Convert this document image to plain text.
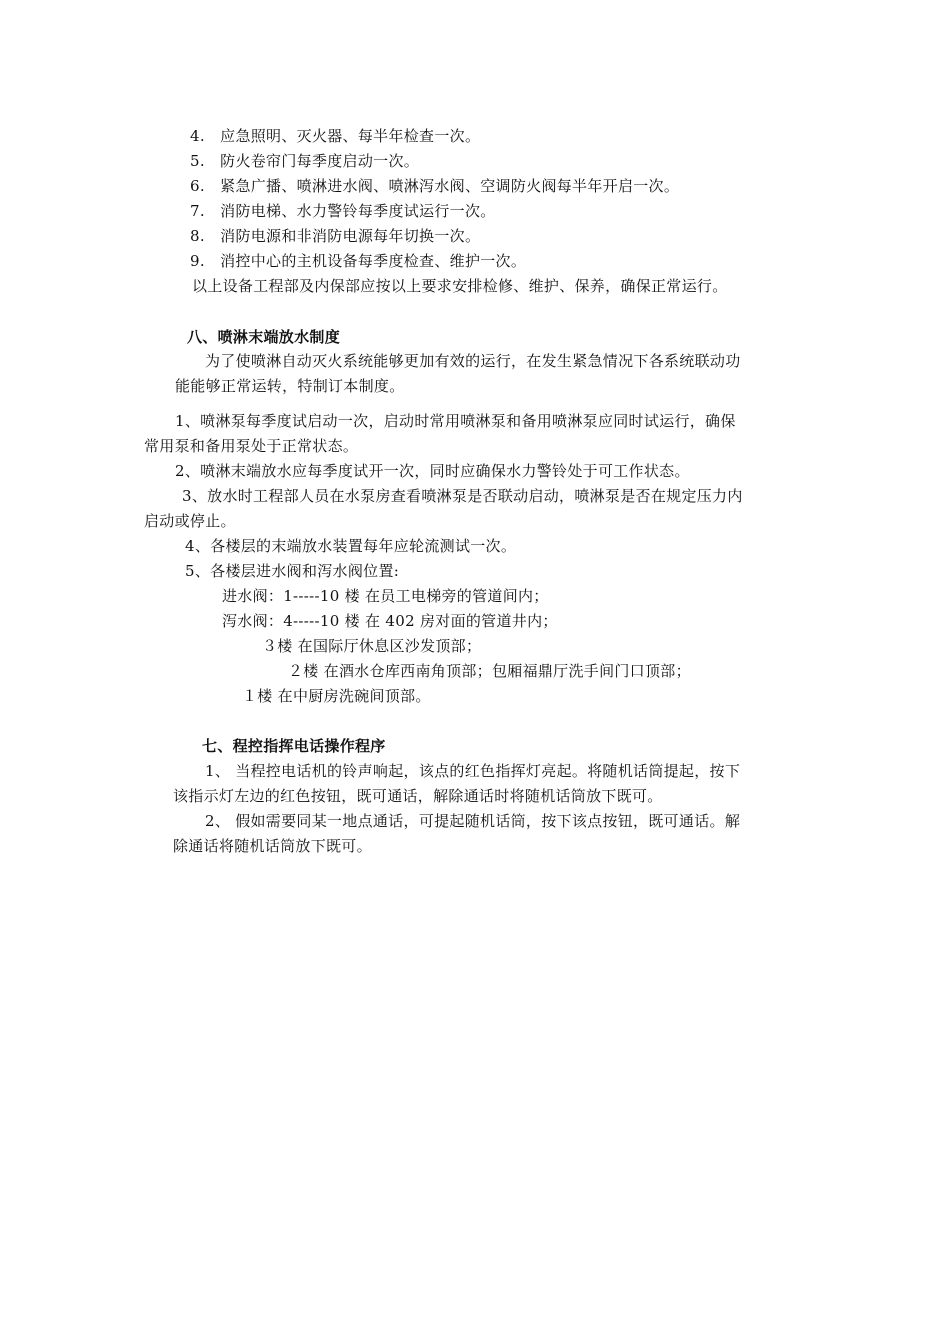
4. 应急照明、灭火器、每半年检查一次。
5. 防火卷帘门每季度启动一次。
6. 紧急广播、喷淋进水阀、喷淋泻水阀、空调防火阀每半年开启一次。
7. 消防电梯、水力警铃每季度试运行一次。
8. 消防电源和非消防电源每年切换一次。
9. 消控中心的主机设备每季度检查、维护一次。
以上设备工程部及内保部应按以上要求安排检修、维护、保养，确保正常运行。
八、喷淋末端放水制度
为了使喷淋自动灭火系统能够更加有效的运行，在发生紧急情况下各系统联动功
能能够正常运转，特制订本制度。
1、喷淋泵每季度试启动一次，启动时常用喷淋泵和备用喷淋泵应同时试运行，确保
常用泵和备用泵处于正常状态。
2、喷淋末端放水应每季度试开一次，同时应确保水力警铃处于可工作状态。
3、放水时工程部人员在水泵房查看喷淋泵是否联动启动，喷淋泵是否在规定压力内
启动或停止。
4、各楼层的末端放水装置每年应轮流测试一次。
5、各楼层进水阀和泻水阀位置:
进水阀：1-----10 楼 在员工电梯旁的管道间内；
泻水阀：4-----10 楼 在 402 房对面的管道井内；
３楼 在国际厅休息区沙发顶部；
２楼 在酒水仓库西南角顶部；包厢福鼎厅洗手间门口顶部；
１楼 在中厨房洗碗间顶部。
七、程控指挥电话操作程序
1、 当程控电话机的铃声响起，该点的红色指挥灯亮起。将随机话筒提起，按下
该指示灯左边的红色按钮，既可通话，解除通话时将随机话筒放下既可。
2、 假如需要同某一地点通话，可提起随机话筒，按下该点按钮，既可通话。解
除通话将随机话筒放下既可。
